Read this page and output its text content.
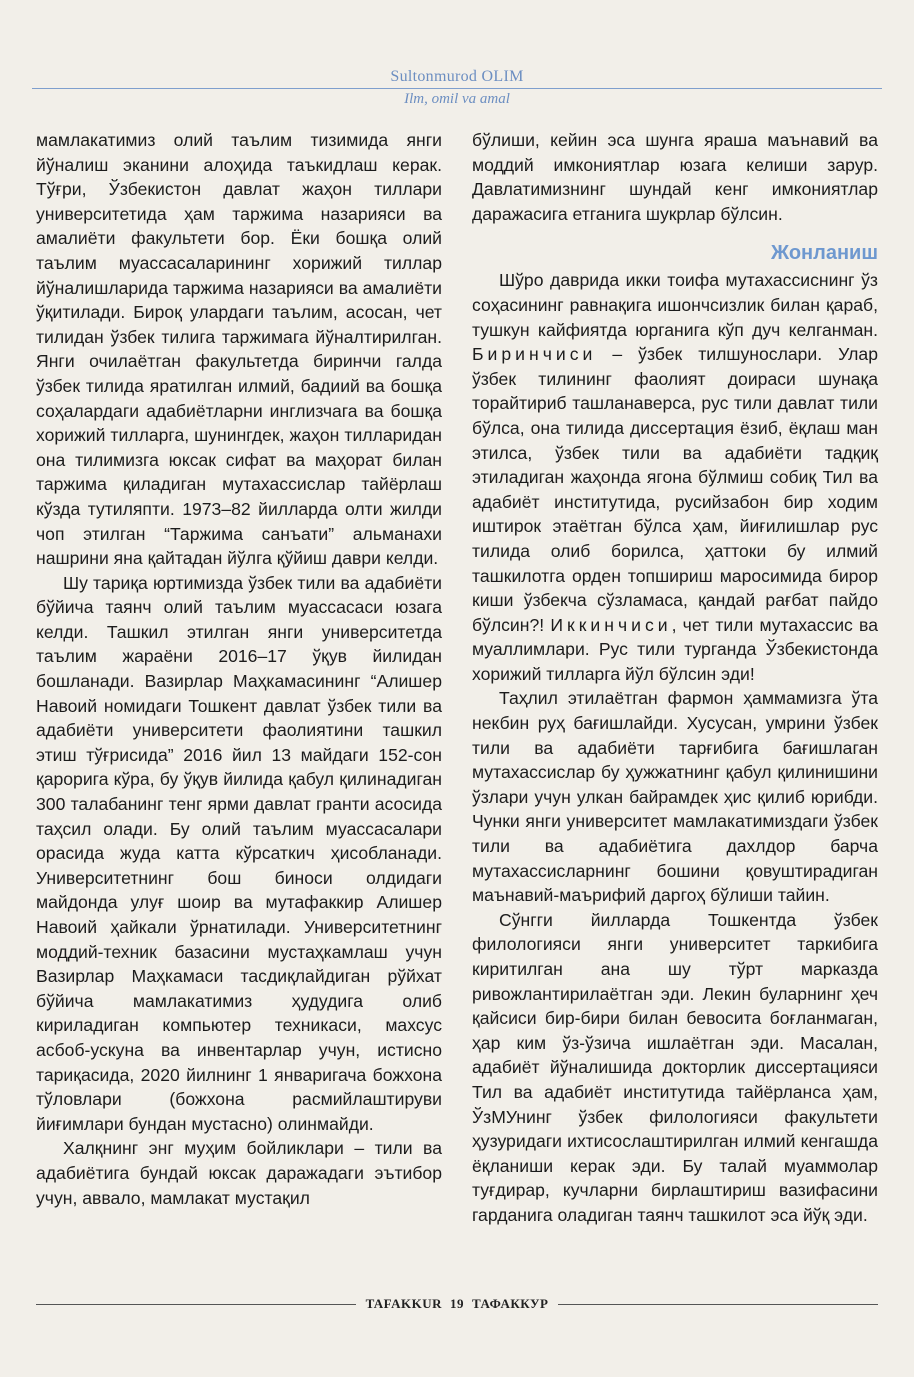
Sultonmurod OLIM
Ilm, omil va amal

мамлакатимиз олий таълим тизимида янги йўналиш эканини алоҳида таъкидлаш керак. Тўғри, Ўзбекистон давлат жаҳон тиллари университетида ҳам таржима назарияси ва амалиёти факультети бор. Ёки бошқа олий таълим муассасаларининг хорижий тиллар йўналишларида таржима назарияси ва амалиёти ўқитилади. Бироқ улардаги таълим, асосан, чет тилидан ўзбек тилига таржимага йўналтирилган. Янги очилаётган факультетда биринчи галда ўзбек тилида яратилган илмий, бадиий ва бошқа соҳалардаги адабиётларни инглизчага ва бошқа хорижий тилларга, шунингдек, жаҳон тилларидан она тилимизга юксак сифат ва маҳорат билан таржима қиладиган мутахассислар тайёрлаш кўзда тутиляпти. 1973–82 йилларда олти жилди чоп этилган “Таржима санъати” альманахи нашрини яна қайтадан йўлга қўйиш даври келди.

Шу тариқа юртимизда ўзбек тили ва адабиёти бўйича таянч олий таълим муассасаси юзага келди. Ташкил этилган янги университетда таълим жараёни 2016–17 ўқув йилидан бошланади. Вазирлар Маҳкамасининг “Алишер Навоий номидаги Тошкент давлат ўзбек тили ва адабиёти университети фаолиятини ташкил этиш тўғрисида” 2016 йил 13 майдаги 152-сон қарорига кўра, бу ўқув йилида қабул қилинадиган 300 талабанинг тенг ярми давлат гранти асосида таҳсил олади. Бу олий таълим муассасалари орасида жуда катта кўрсаткич ҳисобланади. Университетнинг бош биноси олдидаги майдонда улуғ шоир ва мутафаккир Алишер Навоий ҳайкали ўрнатилади. Университетнинг моддий-техник базасини мустаҳкамлаш учун Вазирлар Маҳкамаси тасдиқлайдиган рўйхат бўйича мамлакатимиз ҳудудига олиб кириладиган компьютер техникаси, махсус асбоб-ускуна ва инвентарлар учун, истисно тариқасида, 2020 йилнинг 1 январигача божхона тўловлари (божхона расмийлаштируви йиғимлари бундан мустасно) олинмайди.

Халқнинг энг муҳим бойликлари – тили ва адабиётига бундай юксак даражадаги эътибор учун, аввало, мамлакат мустақил

бўлиши, кейин эса шунга яраша маънавий ва моддий имкониятлар юзага келиши зарур. Давлатимизнинг шундай кенг имкониятлар даражасига етганига шукрлар бўлсин.

Жонланиш

Шўро даврида икки тоифа мутахассиснинг ўз соҳасининг равнақига ишончсизлик билан қараб, тушкун кайфиятда юрганига кўп дуч келганман. Биринчиси – ўзбек тилшунослари. Улар ўзбек тилининг фаолият доираси шунақа торайтириб ташланаверса, рус тили давлат тили бўлса, она тилида диссертация ёзиб, ёқлаш ман этилса, ўзбек тили ва адабиёти тадқиқ этиладиган жаҳонда ягона бўлмиш собиқ Тил ва адабиёт институтида, русийзабон бир ходим иштирок этаётган бўлса ҳам, йиғилишлар рус тилида олиб борилса, ҳаттоки бу илмий ташкилотга орден топшириш маросимида бирор киши ўзбекча сўзламаса, қандай рағбат пайдо бўлсин?! Иккинчиси, чет тили мутахассис ва муаллимлари. Рус тили турганда Ўзбекистонда хорижий тилларга йўл бўлсин эди!

Таҳлил этилаётган фармон ҳаммамизга ўта некбин руҳ бағишлайди. Хусусан, умрини ўзбек тили ва адабиёти тарғибига бағишлаган мутахассислар бу ҳужжатнинг қабул қилинишини ўзлари учун улкан байрамдек ҳис қилиб юрибди. Чунки янги университет мамлакатимиздаги ўзбек тили ва адабиётига дахлдор барча мутахассисларнинг бошини қовуштирадиган маънавий-маърифий даргоҳ бўлиши тайин.

Сўнгги йилларда Тошкентда ўзбек филологияси янги университет таркибига киритилган ана шу тўрт марказда ривожлантирилаётган эди. Лекин буларнинг ҳеч қайсиси бир-бири билан бевосита боғланмаган, ҳар ким ўз-ўзича ишлаётган эди. Масалан, адабиёт йўналишида докторлик диссертацияси Тил ва адабиёт институтида тайёрланса ҳам, ЎзМУнинг ўзбек филологияси факультети ҳузуридаги ихтисослаштирилган илмий кенгашда ёқланиши керак эди. Бу талай муаммолар туғдирар, кучларни бирлаштириш вазифасини гарданига оладиган таянч ташкилот эса йўқ эди.

TAFAKKUR 19 ТАФАККУР
